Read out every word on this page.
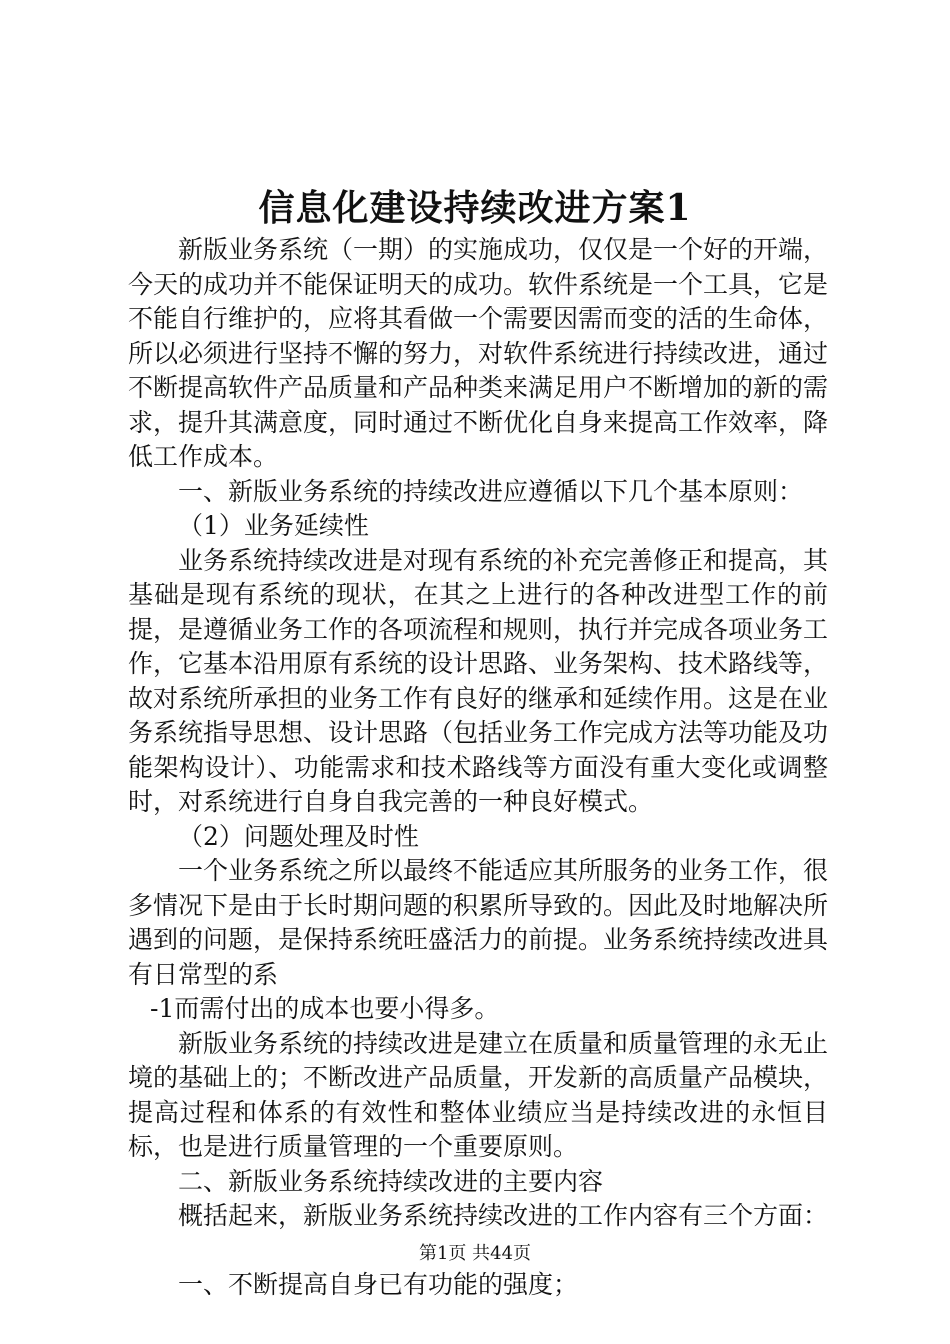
信息化建设持续改进方案1

新版业务系统（一期）的实施成功，仅仅是一个好的开端，今天的成功并不能保证明天的成功。软件系统是一个工具，它是不能自行维护的，应将其看做一个需要因需而变的活的生命体，所以必须进行坚持不懈的努力，对软件系统进行持续改进，通过不断提高软件产品质量和产品种类来满足用户不断增加的新的需求，提升其满意度，同时通过不断优化自身来提高工作效率，降低工作成本。

一、新版业务系统的持续改进应遵循以下几个基本原则：

（1）业务延续性

业务系统持续改进是对现有系统的补充完善修正和提高，其基础是现有系统的现状，在其之上进行的各种改进型工作的前提，是遵循业务工作的各项流程和规则，执行并完成各项业务工作，它基本沿用原有系统的设计思路、业务架构、技术路线等，故对系统所承担的业务工作有良好的继承和延续作用。这是在业务系统指导思想、设计思路（包括业务工作完成方法等功能及功能架构设计）、功能需求和技术路线等方面没有重大变化或调整时，对系统进行自身自我完善的一种良好模式。

（2）问题处理及时性

一个业务系统之所以最终不能适应其所服务的业务工作，很多情况下是由于长时期问题的积累所导致的。因此及时地解决所遇到的问题，是保持系统旺盛活力的前提。业务系统持续改进具有日常型的系

-1而需付出的成本也要小得多。

新版业务系统的持续改进是建立在质量和质量管理的永无止境的基础上的；不断改进产品质量，开发新的高质量产品模块，提高过程和体系的有效性和整体业绩应当是持续改进的永恒目标，也是进行质量管理的一个重要原则。

二、新版业务系统持续改进的主要内容

概括起来，新版业务系统持续改进的工作内容有三个方面：

一、不断提高自身已有功能的强度；

第1页 共44页
